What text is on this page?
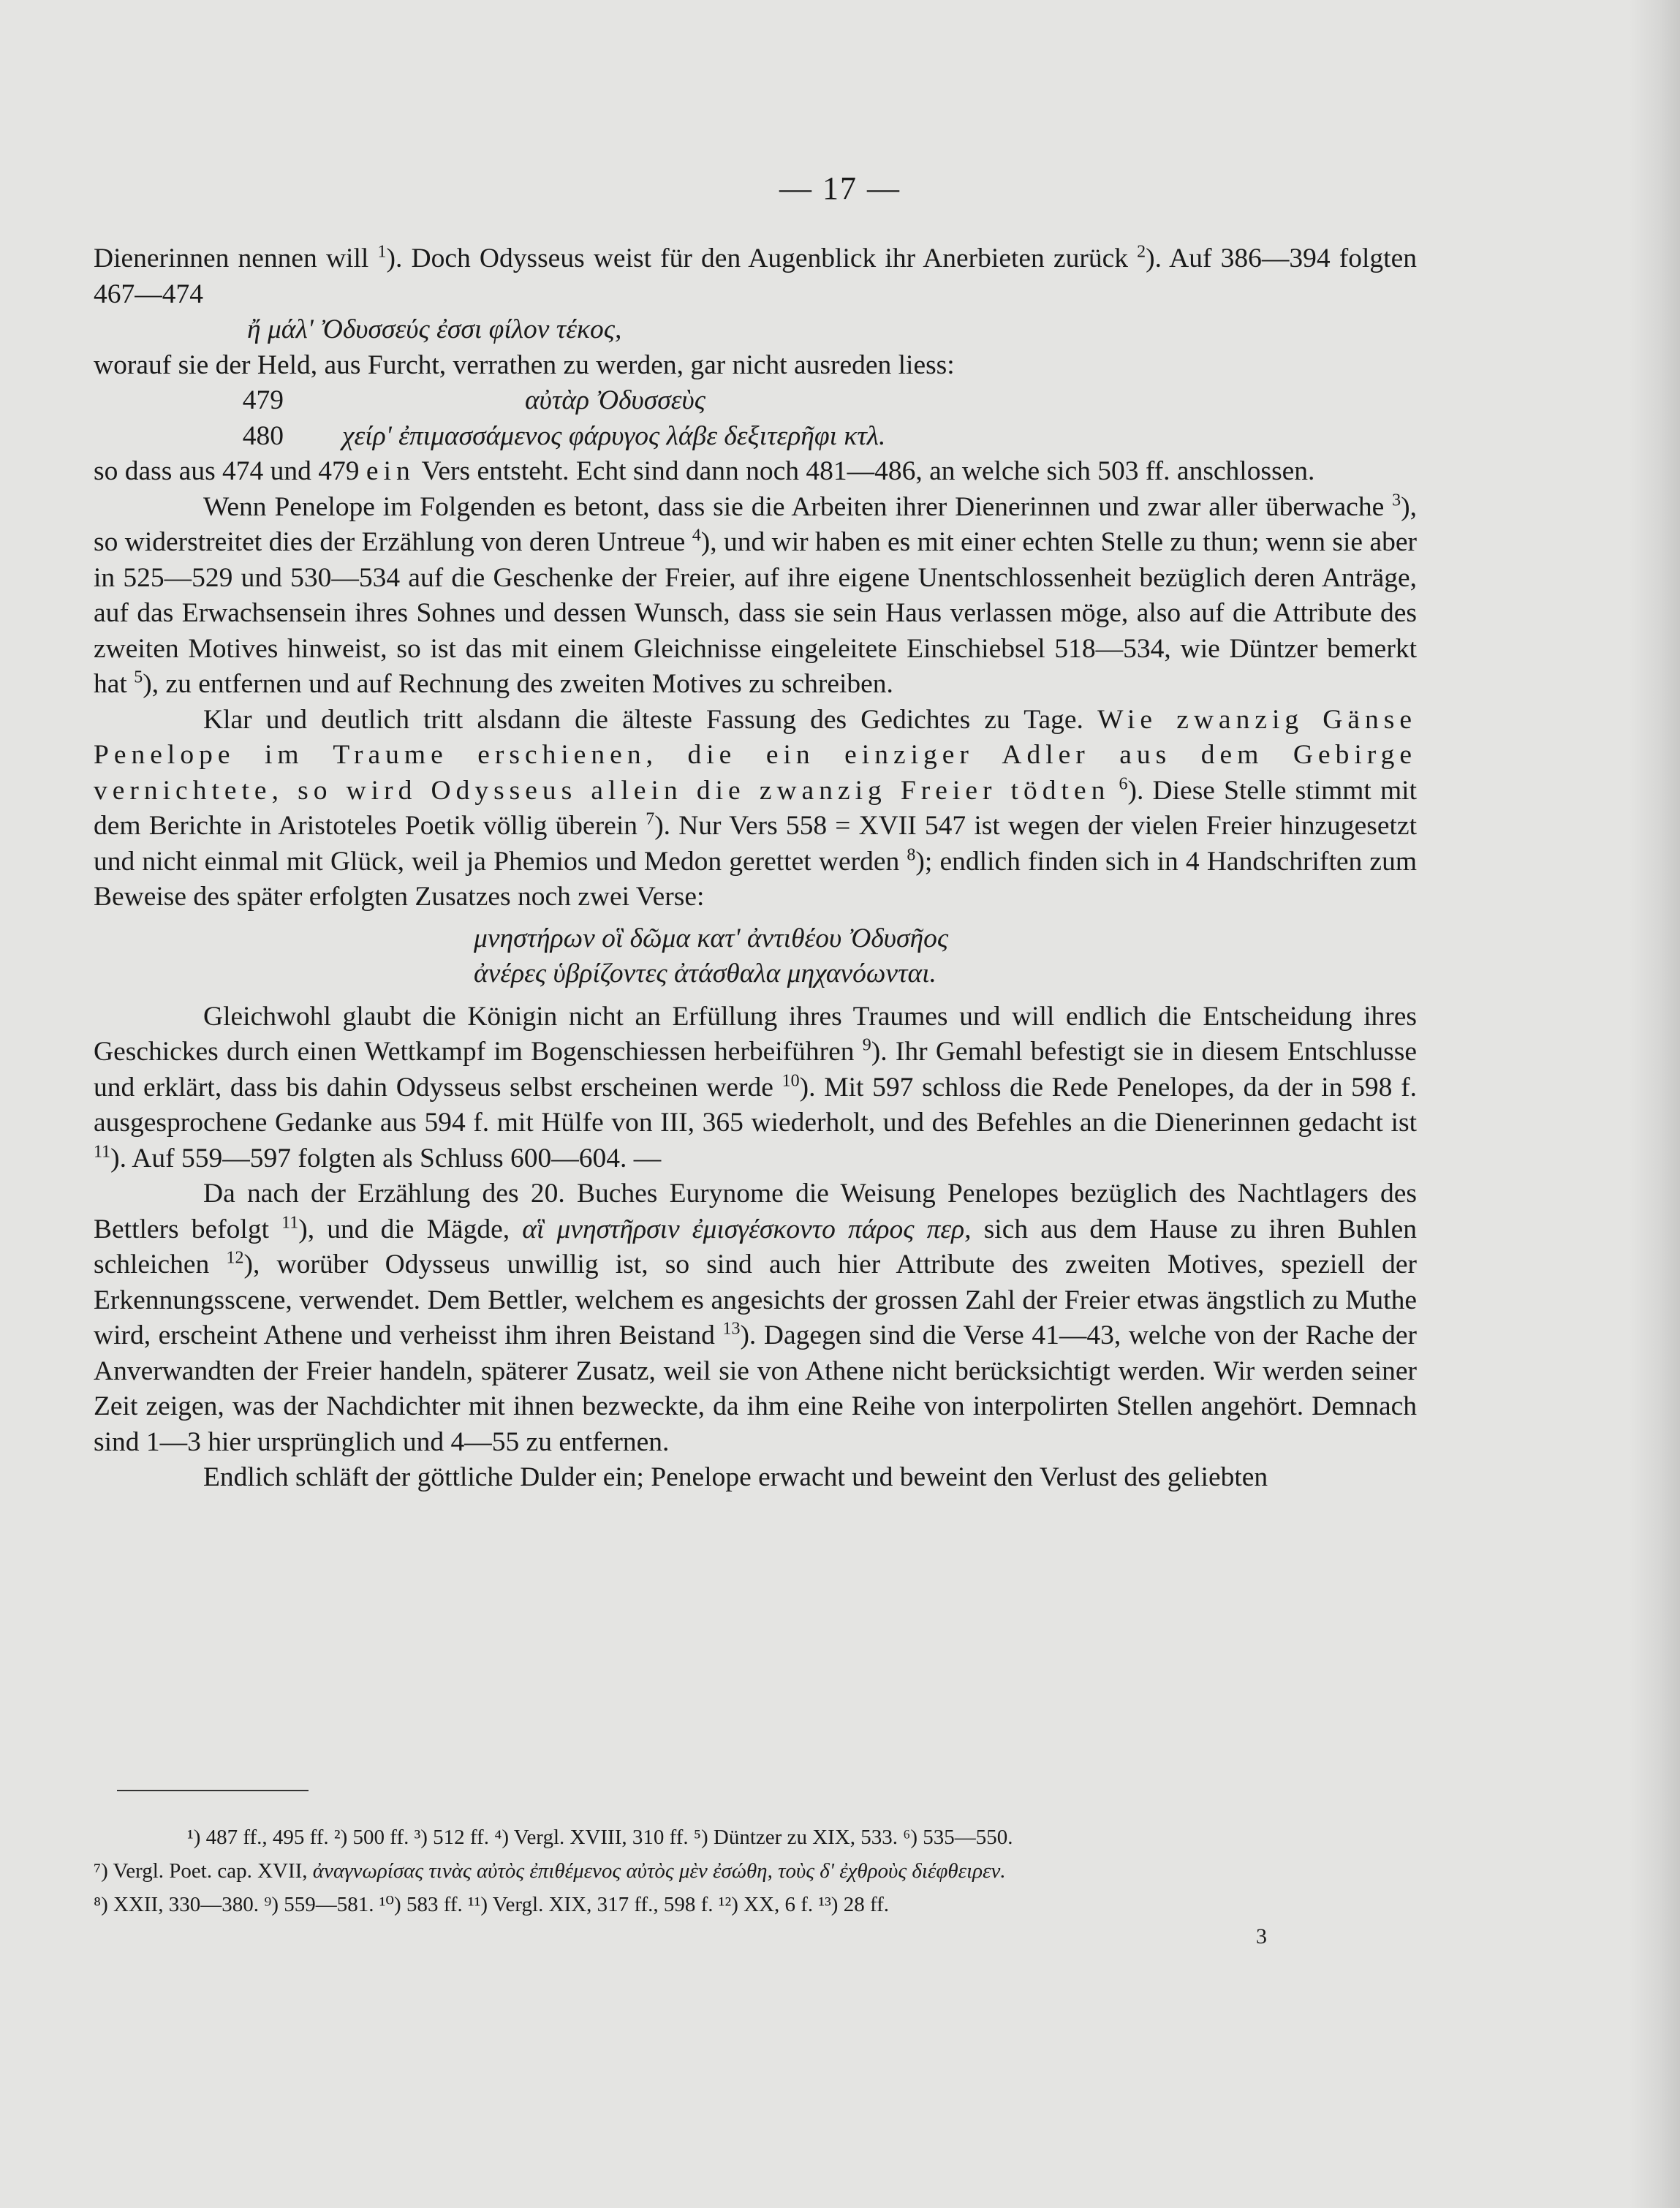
— 17 —

Dienerinnen nennen will $^1$). Doch Odysseus weist für den Augenblick ihr Anerbieten zurück $^2$). Auf 386—394 folgten 467—474

ἤ μάλ' Ὀδυσσεύς ἐσσι φίλον τέκος,

worauf sie der Held, aus Furcht, verrathen zu werden, gar nicht ausreden liess:

479	αὐτὰρ Ὀδυσσεὺς
480	χείρ' ἐπιμασσάμενος φάρυγος λάβε δεξιτερῆφι κτλ.

so dass aus 474 und 479 ein Vers entsteht. Echt sind dann noch 481—486, an welche sich 503 ff. anschlossen.

Wenn Penelope im Folgenden es betont, dass sie die Arbeiten ihrer Dienerinnen und zwar aller überwache $^3$), so widerstreitet dies der Erzählung von deren Untreue $^4$), und wir haben es mit einer echten Stelle zu thun; wenn sie aber in 525—529 und 530—534 auf die Geschenke der Freier, auf ihre eigene Unentschlossenheit bezüglich deren Anträge, auf das Erwachsensein ihres Sohnes und dessen Wunsch, dass sie sein Haus verlassen möge, also auf die Attribute des zweiten Motives hinweist, so ist das mit einem Gleichnisse eingeleitete Einschiebsel 518—534, wie Düntzer bemerkt hat $^5$), zu entfernen und auf Rechnung des zweiten Motives zu schreiben.

Klar und deutlich tritt alsdann die älteste Fassung des Gedichtes zu Tage. Wie zwanzig Gänse Penelope im Traume erschienen, die ein einziger Adler aus dem Gebirge vernichtete, so wird Odysseus allein die zwanzig Freier tödten $^6$). Diese Stelle stimmt mit dem Berichte in Aristoteles Poetik völlig überein $^7$). Nur Vers 558 = XVII 547 ist wegen der vielen Freier hinzugesetzt und nicht einmal mit Glück, weil ja Phemios und Medon gerettet werden $^8$); endlich finden sich in 4 Handschriften zum Beweise des später erfolgten Zusatzes noch zwei Verse:

μνηστήρων οἳ δῶμα κατ' ἀντιθέου Ὀδυσῆος

ἀνέρες ὑβρίζοντες ἀτάσθαλα μηχανόωνται.

Gleichwohl glaubt die Königin nicht an Erfüllung ihres Traumes und will endlich die Entscheidung ihres Geschickes durch einen Wettkampf im Bogenschiessen herbeiführen $^9$). Ihr Gemahl befestigt sie in diesem Entschlusse und erklärt, dass bis dahin Odysseus selbst erscheinen werde $^{10}$). Mit 597 schloss die Rede Penelopes, da der in 598 f. ausgesprochene Gedanke aus 594 f. mit Hülfe von III, 365 wiederholt, und des Befehles an die Dienerinnen gedacht ist $^{11}$). Auf 559—597 folgten als Schluss 600—604. —

Da nach der Erzählung des 20. Buches Eurynome die Weisung Penelopes bezüglich des Nachtlagers des Bettlers befolgt $^{11}$), und die Mägde, αἳ μνηστῆρσιν ἐμισγέσκοντο πάρος περ, sich aus dem Hause zu ihren Buhlen schleichen $^{12}$), worüber Odysseus unwillig ist, so sind auch hier Attribute des zweiten Motives, speziell der Erkennungsscene, verwendet. Dem Bettler, welchem es angesichts der grossen Zahl der Freier etwas ängstlich zu Muthe wird, erscheint Athene und verheisst ihm ihren Beistand $^{13}$). Dagegen sind die Verse 41—43, welche von der Rache der Anverwandten der Freier handeln, späterer Zusatz, weil sie von Athene nicht berücksichtigt werden. Wir werden seiner Zeit zeigen, was der Nachdichter mit ihnen bezweckte, da ihm eine Reihe von interpolirten Stellen angehört. Demnach sind 1—3 hier ursprünglich und 4—55 zu entfernen.

Endlich schläft der göttliche Dulder ein; Penelope erwacht und beweint den Verlust des geliebten

¹) 487 ff., 495 ff. ²) 500 ff. ³) 512 ff. ⁴) Vergl. XVIII, 310 ff. ⁵) Düntzer zu XIX, 533. ⁶) 535—550.

⁷) Vergl. Poet. cap. XVII, ἀναγνωρίσας τινὰς αὐτὸς ἐπιθέμενος αὐτὸς μὲν ἐσώθη, τοὺς δ' ἐχθροὺς διέφθειρεν.

⁸) XXII, 330—380. ⁹) 559—581. ¹⁰) 583 ff. ¹¹) Vergl. XIX, 317 ff., 598 f. ¹²) XX, 6 f. ¹³) 28 ff.

3
